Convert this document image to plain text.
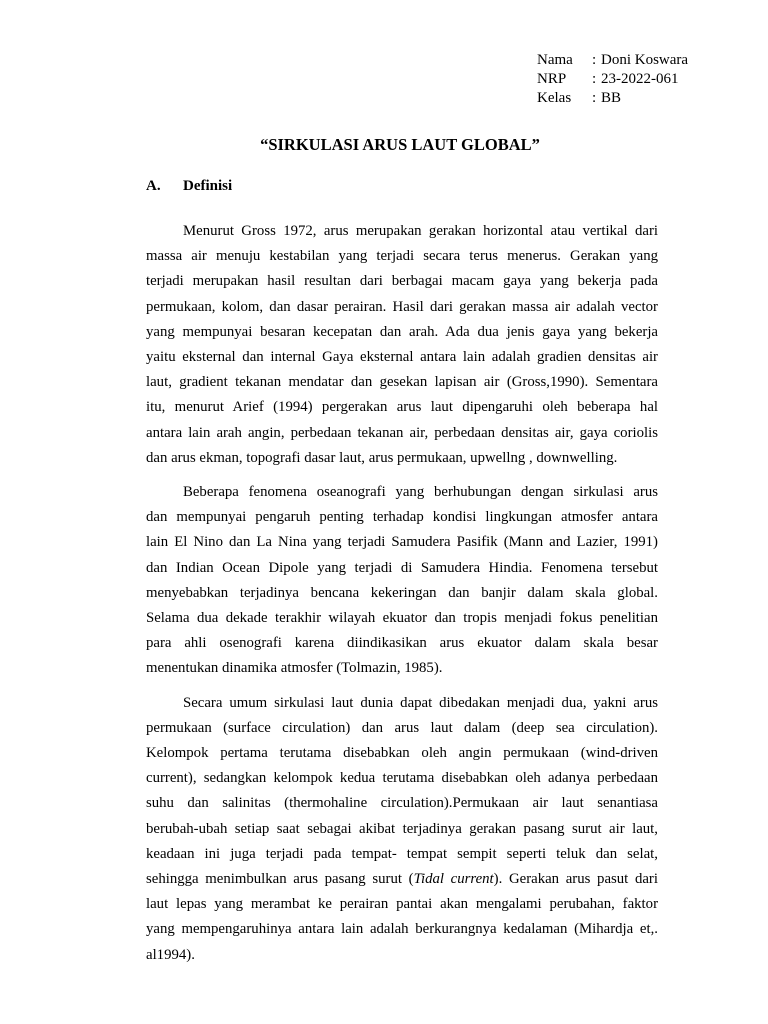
Nama	: Doni Koswara
NRP	: 23-2022-061
Kelas	: BB
“SIRKULASI ARUS LAUT GLOBAL”
A.	Definisi

Menurut Gross 1972, arus merupakan gerakan horizontal atau vertikal dari
massa air menuju kestabilan yang terjadi secara terus menerus. Gerakan yang
terjadi merupakan hasil resultan dari berbagai macam gaya yang bekerja pada
permukaan, kolom, dan dasar perairan. Hasil dari gerakan massa air adalah vector
yang mempunyai besaran kecepatan dan arah. Ada dua jenis gaya yang bekerja
yaitu eksternal dan internal Gaya eksternal antara lain adalah gradien densitas air
laut, gradient tekanan mendatar dan gesekan lapisan air (Gross,1990). Sementara
itu, menurut Arief (1994) pergerakan arus laut dipengaruhi oleh beberapa hal
antara lain arah angin, perbedaan tekanan air, perbedaan densitas air, gaya coriolis
dan arus ekman, topografi dasar laut, arus permukaan, upwellng , downwelling.

Beberapa fenomena oseanografi yang berhubungan dengan sirkulasi arus
dan mempunyai pengaruh penting terhadap kondisi lingkungan atmosfer antara
lain El Nino dan La Nina yang terjadi Samudera Pasifik (Mann and Lazier, 1991)
dan Indian Ocean Dipole yang terjadi di Samudera Hindia. Fenomena tersebut
menyebabkan terjadinya bencana kekeringan dan banjir dalam skala global.
Selama dua dekade terakhir wilayah ekuator dan tropis menjadi fokus penelitian
para ahli osenografi karena diindikasikan arus ekuator dalam skala besar
menentukan dinamika atmosfer (Tolmazin, 1985).

Secara umum sirkulasi laut dunia dapat dibedakan menjadi dua, yakni arus
permukaan (surface circulation) dan arus laut dalam (deep sea circulation).
Kelompok pertama terutama disebabkan oleh angin permukaan (wind-driven
current), sedangkan kelompok kedua terutama disebabkan oleh adanya perbedaan
suhu dan salinitas (thermohaline circulation).Permukaan air laut senantiasa
berubah-ubah setiap saat sebagai akibat terjadinya gerakan pasang surut air laut,
keadaan ini juga terjadi pada tempat- tempat sempit seperti teluk dan selat,
sehingga menimbulkan arus pasang surut (Tidal current). Gerakan arus pasut dari
laut lepas yang merambat ke perairan pantai akan mengalami perubahan, faktor
yang mempengaruhinya antara lain adalah berkurangnya kedalaman (Mihardja et,.
al1994).
